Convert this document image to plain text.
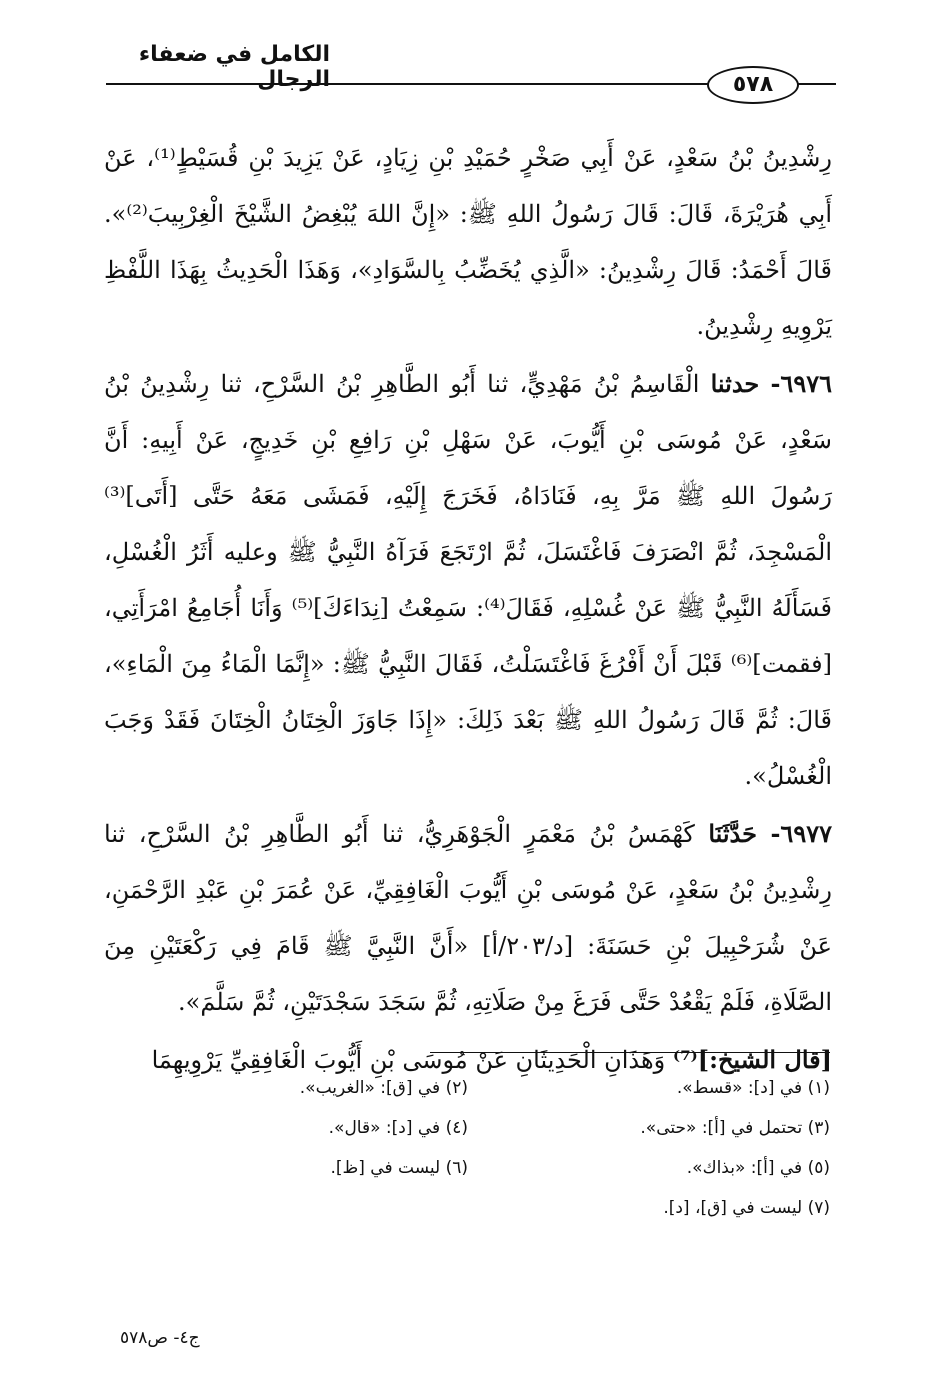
الكامل في ضعفاء الرجال	٥٧٨

رِشْدِينُ بْنُ سَعْدٍ، عَنْ أَبِي صَخْرٍ حُمَيْدِ بْنِ زِيَادٍ، عَنْ يَزِيدَ بْنِ قُسَيْطٍ⁽¹⁾، عَنْ أَبِي هُرَيْرَةَ، قَالَ: قَالَ رَسُولُ اللهِ ﷺ: «إِنَّ اللهَ يُبْغِضُ الشَّيْخَ الْغِرْبِيبَ⁽²⁾». قَالَ أَحْمَدُ: قَالَ رِشْدِينُ: «الَّذِي يُخَضِّبُ بِالسَّوَادِ»، وَهَذَا الْحَدِيثُ بِهَذَا اللَّفْظِ يَرْوِيهِ رِشْدِينُ.

٦٩٧٦- حدثنا الْقَاسِمُ بْنُ مَهْدِيٍّ، ثنا أَبُو الطَّاهِرِ بْنُ السَّرْحِ، ثنا رِشْدِينُ بْنُ سَعْدٍ، عَنْ مُوسَى بْنِ أَيُّوبَ، عَنْ سَهْلِ بْنِ رَافِعِ بْنِ خَدِيجٍ، عَنْ أَبِيهِ: أَنَّ رَسُولَ اللهِ ﷺ مَرَّ بِهِ، فَنَادَاهُ، فَخَرَجَ إِلَيْهِ، فَمَشَى مَعَهُ حَتَّى [أَتَى]⁽³⁾ الْمَسْجِدَ، ثُمَّ انْصَرَفَ فَاغْتَسَلَ، ثُمَّ ارْتَجَعَ فَرَآهُ النَّبِيُّ ﷺ وعليه أَثَرُ الْغُسْلِ، فَسَأَلَهُ النَّبِيُّ ﷺ عَنْ غُسْلِهِ، فَقَالَ⁽⁴⁾: سَمِعْتُ [نِدَاءَكَ]⁽⁵⁾ وَأَنَا أُجَامِعُ امْرَأَتِي، [فقمت]⁽⁶⁾ قَبْلَ أَنْ أَفْرُغَ فَاغْتَسَلْتُ، فَقَالَ النَّبِيُّ ﷺ: «إِنَّمَا الْمَاءُ مِنَ الْمَاءِ»، قَالَ: ثُمَّ قَالَ رَسُولُ اللهِ ﷺ بَعْدَ ذَلِكَ: «إِذَا جَاوَزَ الْخِتَانُ الْخِتَانَ فَقَدْ وَجَبَ الْغُسْلُ».

٦٩٧٧- حَدَّثَنَا كَهْمَسُ بْنُ مَعْمَرٍ الْجَوْهَرِيُّ، ثنا أَبُو الطَّاهِرِ بْنُ السَّرْحِ، ثنا رِشْدِينُ بْنُ سَعْدٍ، عَنْ مُوسَى بْنِ أَيُّوبَ الْغَافِقِيِّ، عَنْ عُمَرَ بْنِ عَبْدِ الرَّحْمَنِ، عَنْ شُرَحْبِيلَ بْنِ حَسَنَةَ: [د/٢٠٣/أ] «أَنَّ النَّبِيَّ ﷺ قَامَ فِي رَكْعَتَيْنِ مِنَ الصَّلَاةِ، فَلَمْ يَقْعُدْ حَتَّى فَرَغَ مِنْ صَلَاتِهِ، ثُمَّ سَجَدَ سَجْدَتَيْنِ، ثُمَّ سَلَّمَ».

[قال الشيخ:]⁽⁷⁾ وَهَذَانِ الْحَدِيثَانِ عَنْ مُوسَى بْنِ أَيُّوبَ الْغَافِقِيِّ يَرْوِيهِمَا

(١) في [د]: «قسط».
(٢) في [ق]: «الغريب».
(٣) تحتمل في [أ]: «حتى».
(٤) في [د]: «قال».
(٥) في [أ]: «بذاك».
(٦) ليست في [ظ].
(٧) ليست في [ق]، [د].
ج٤- ص٥٧٨
